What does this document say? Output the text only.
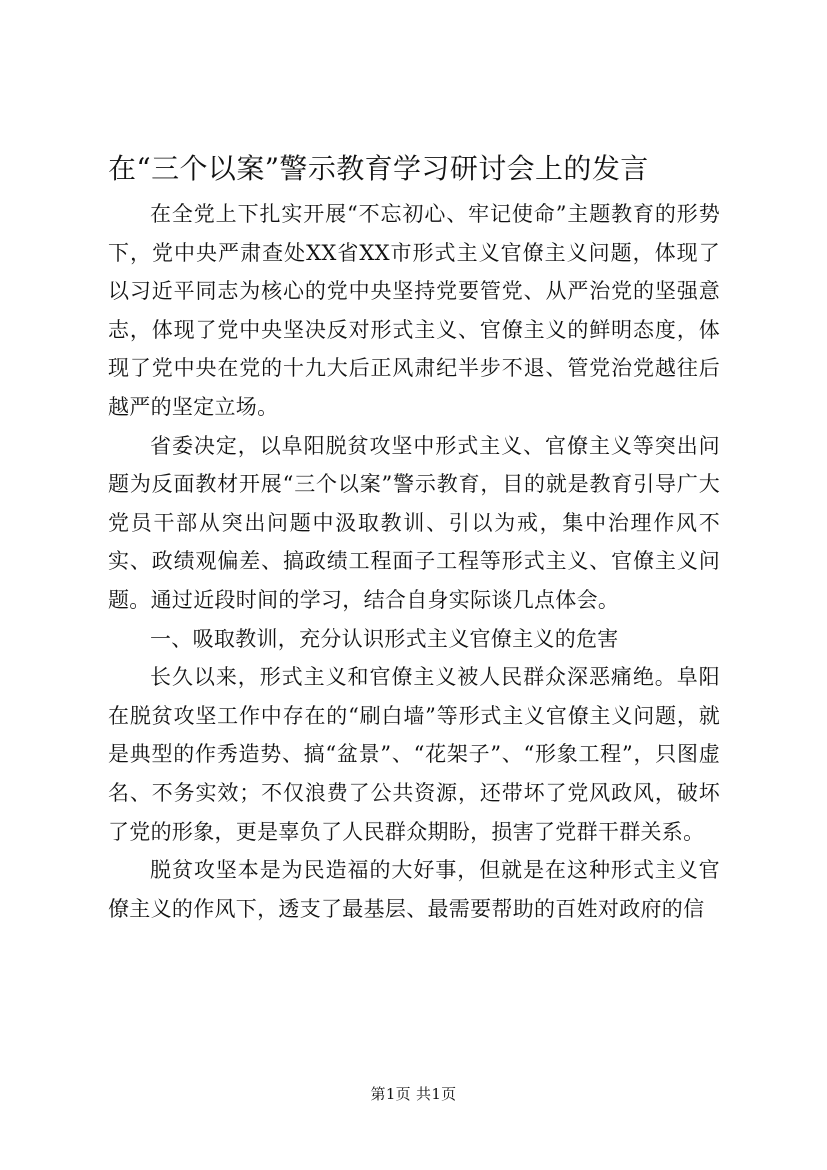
在“三个以案”警示教育学习研讨会上的发言

在全党上下扎实开展“不忘初心、牢记使命”主题教育的形势下，党中央严肃查处XX省XX市形式主义官僚主义问题，体现了以习近平同志为核心的党中央坚持党要管党、从严治党的坚强意志，体现了党中央坚决反对形式主义、官僚主义的鲜明态度，体现了党中央在党的十九大后正风肃纪半步不退、管党治党越往后越严的坚定立场。

省委决定，以阜阳脱贫攻坚中形式主义、官僚主义等突出问题为反面教材开展“三个以案”警示教育，目的就是教育引导广大党员干部从突出问题中汲取教训、引以为戒，集中治理作风不实、政绩观偏差、搞政绩工程面子工程等形式主义、官僚主义问题。通过近段时间的学习，结合自身实际谈几点体会。

一、吸取教训，充分认识形式主义官僚主义的危害

长久以来，形式主义和官僚主义被人民群众深恶痛绝。阜阳在脱贫攻坚工作中存在的“刷白墙”等形式主义官僚主义问题，就是典型的作秀造势、搞“盆景”、“花架子”、“形象工程”，只图虚名、不务实效；不仅浪费了公共资源，还带坏了党风政风，破坏了党的形象，更是辜负了人民群众期盼，损害了党群干群关系。

脱贫攻坚本是为民造福的大好事，但就是在这种形式主义官僚主义的作风下，透支了最基层、最需要帮助的百姓对政府的信

第1页 共1页
